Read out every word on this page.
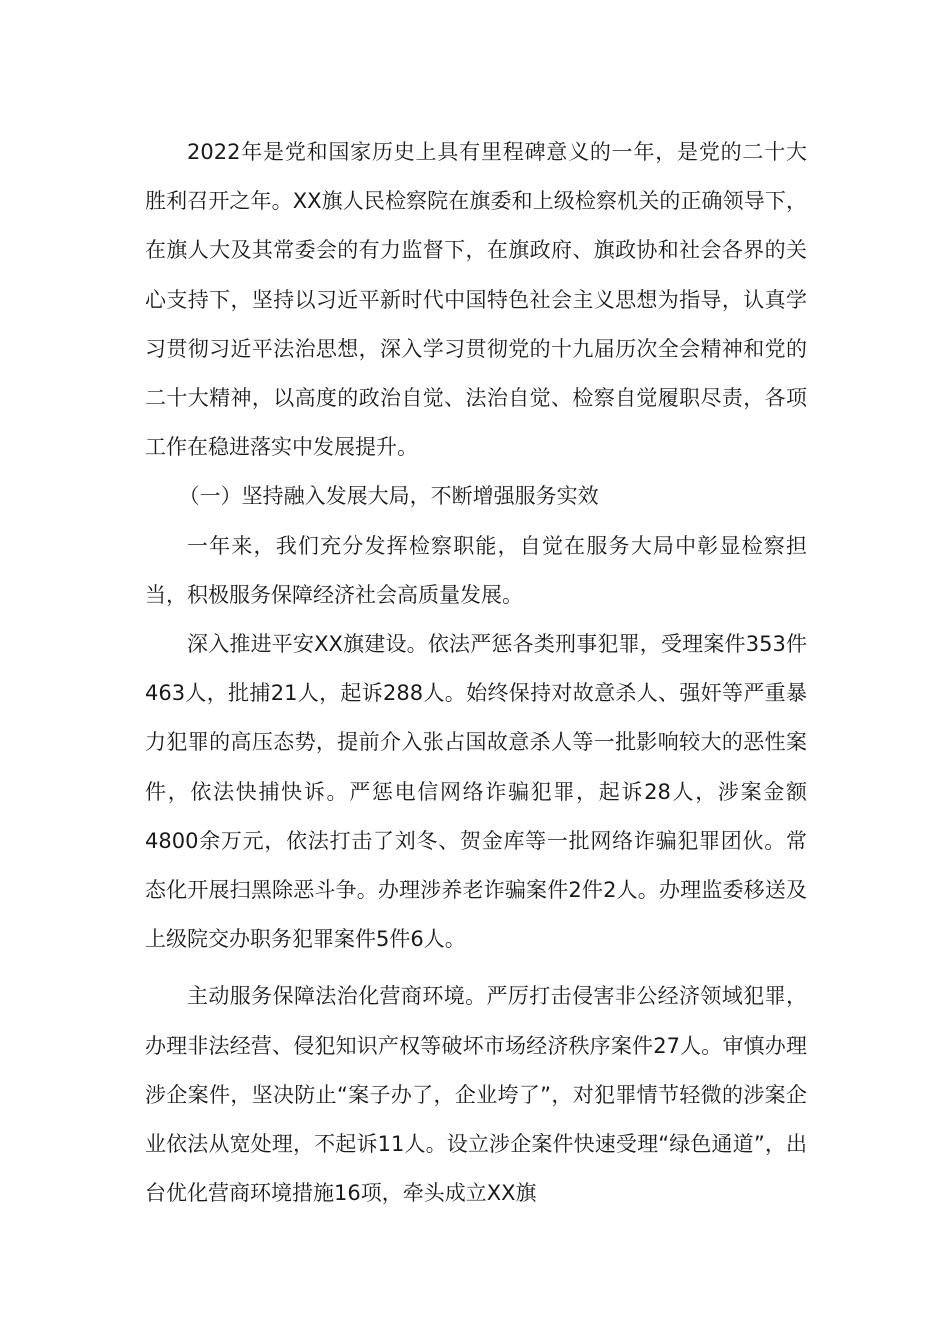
2022年是党和国家历史上具有里程碑意义的一年，是党的二十大胜利召开之年。XX旗人民检察院在旗委和上级检察机关的正确领导下，在旗人大及其常委会的有力监督下，在旗政府、旗政协和社会各界的关心支持下，坚持以习近平新时代中国特色社会主义思想为指导，认真学习贯彻习近平法治思想，深入学习贯彻党的十九届历次全会精神和党的二十大精神，以高度的政治自觉、法治自觉、检察自觉履职尽责，各项工作在稳进落实中发展提升。

（一）坚持融入发展大局，不断增强服务实效

一年来，我们充分发挥检察职能，自觉在服务大局中彰显检察担当，积极服务保障经济社会高质量发展。

深入推进平安XX旗建设。依法严惩各类刑事犯罪，受理案件353件463人，批捕21人，起诉288人。始终保持对故意杀人、强奸等严重暴力犯罪的高压态势，提前介入张占国故意杀人等一批影响较大的恶性案件，依法快捕快诉。严惩电信网络诈骗犯罪，起诉28人，涉案金额4800余万元，依法打击了刘冬、贺金库等一批网络诈骗犯罪团伙。常态化开展扫黑除恶斗争。办理涉养老诈骗案件2件2人。办理监委移送及上级院交办职务犯罪案件5件6人。

主动服务保障法治化营商环境。严厉打击侵害非公经济领域犯罪，办理非法经营、侵犯知识产权等破坏市场经济秩序案件27人。审慎办理涉企案件，坚决防止“案子办了，企业垮了”，对犯罪情节轻微的涉案企业依法从宽处理，不起诉11人。设立涉企案件快速受理“绿色通道”，出台优化营商环境措施16项，牵头成立XX旗
